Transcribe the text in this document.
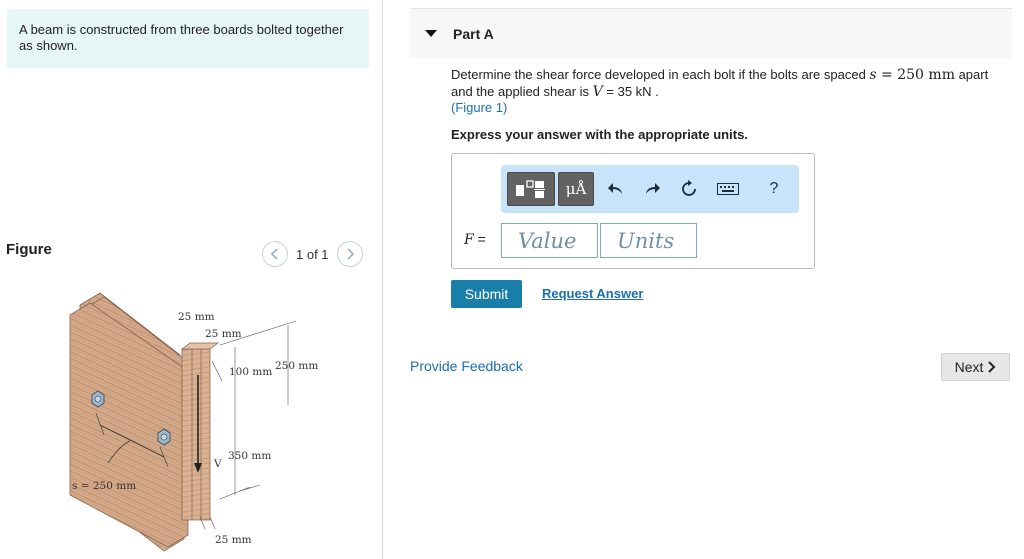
A beam is constructed from three boards bolted together as shown.
Figure	1 of 1
25 mm
25 mm
100 mm 250 mm
350 mm
V
25 mm
s = 250 mm
Part A
Determine the shear force developed in each bolt if the bolts are spaced s = 250 mm apart
and the applied shear is V = 35 kN .
(Figure 1)
Express your answer with the appropriate units.
μÅ	?
F =	Value	Units
Submit	Request Answer
Provide Feedback	Next
